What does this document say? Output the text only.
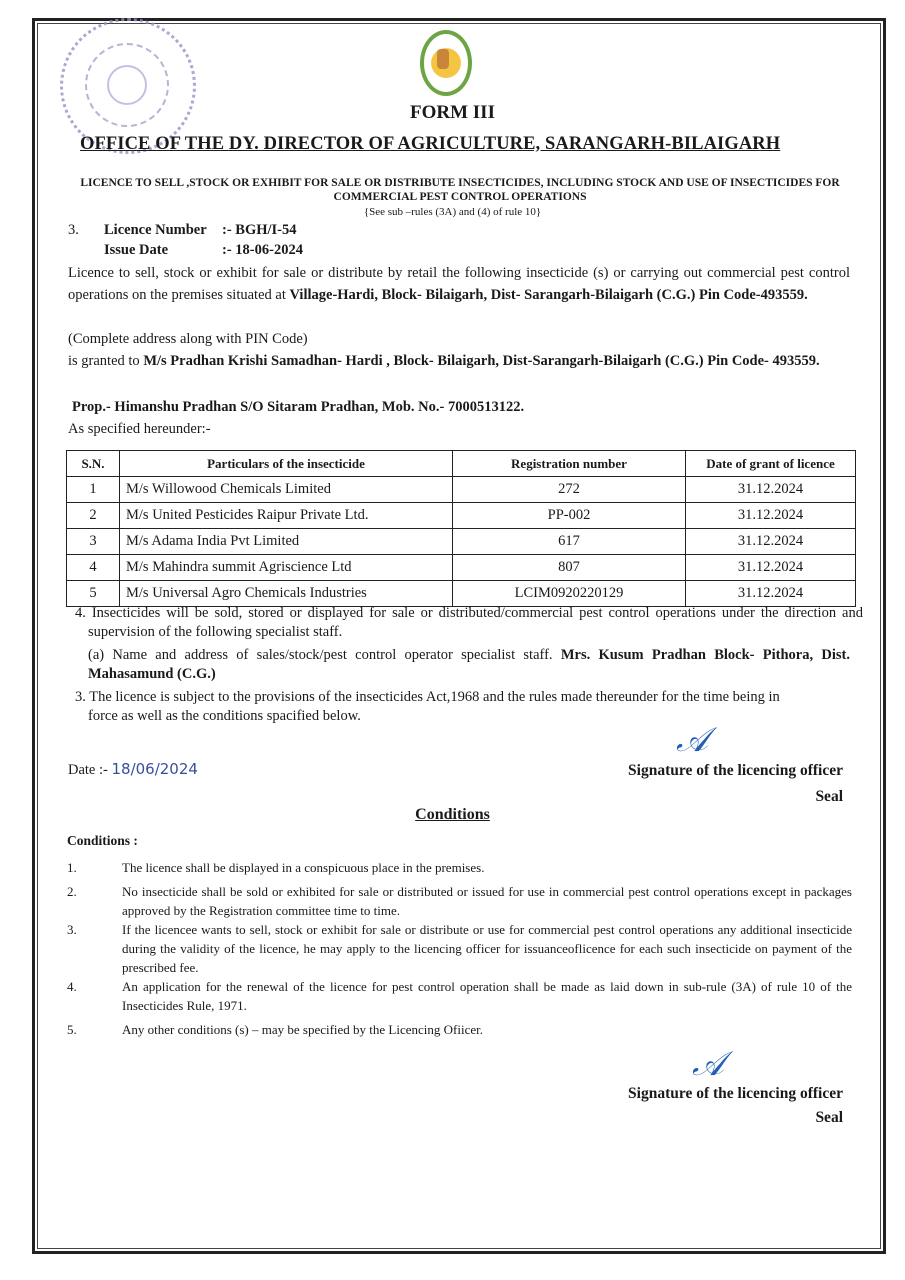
FORM III
OFFICE OF THE DY. DIRECTOR OF AGRICULTURE, SARANGARH-BILAIGARH
LICENCE TO SELL ,STOCK OR EXHIBIT FOR SALE OR DISTRIBUTE INSECTICIDES, INCLUDING STOCK AND USE OF INSECTICIDES FOR COMMERCIAL PEST CONTROL OPERATIONS
{See sub –rules (3A) and (4) of rule 10}
3. Licence Number :- BGH/I-54
Issue Date	:- 18-06-2024
Licence to sell, stock or exhibit for sale or distribute by retail the following insecticide (s) or carrying out commercial pest control operations on the premises situated at Village-Hardi, Block- Bilaigarh, Dist- Sarangarh-Bilaigarh (C.G.) Pin Code-493559.
(Complete address along with PIN Code)
is granted to M/s Pradhan Krishi Samadhan- Hardi , Block- Bilaigarh, Dist-Sarangarh-Bilaigarh (C.G.) Pin Code- 493559.
Prop.- Himanshu Pradhan S/O Sitaram Pradhan, Mob. No.- 7000513122.
As specified hereunder:-
S.N.	Particulars of the insecticide	Registration number	Date of grant of licence
1	M/s Willowood Chemicals Limited	272	31.12.2024
2	M/s United Pesticides Raipur Private Ltd.	PP-002	31.12.2024
3	M/s Adama India Pvt Limited	617	31.12.2024
4	M/s Mahindra summit Agriscience Ltd	807	31.12.2024
5	M/s Universal Agro Chemicals Industries	LCIM0920220129	31.12.2024
4. Insecticides will be sold, stored or displayed for sale or distributed/commercial pest control operations under the direction and supervision of the following specialist staff.
(a) Name and address of sales/stock/pest control operator specialist staff. Mrs. Kusum Pradhan Block- Pithora, Dist. Mahasamund (C.G.)
3. The licence is subject to the provisions of the insecticides Act,1968 and the rules made thereunder for the time being in force as well as the conditions spacified below.
Date :- 18/06/2024
𝒜
Signature of the licencing officer
Seal
Conditions
Conditions :
1.	The licence shall be displayed in a conspicuous place in the premises.
2.	No insecticide shall be sold or exhibited for sale or distributed or issued for use in commercial pest control operations except in packages approved by the Registration committee time to time.
3.	If the licencee wants to sell, stock or exhibit for sale or distribute or use for commercial pest control operations any additional insecticide during the validity of the licence, he may apply to the licencing officer for issuanceoflicence for each such insecticide on payment of the prescribed fee.
4.	An application for the renewal of the licence for pest control operation shall be made as laid down in sub-rule (3A) of rule 10 of the Insecticides Rule, 1971.
5.	Any other conditions (s) – may be specified by the Licencing Ofiicer.
𝒜
Signature of the licencing officer
Seal
